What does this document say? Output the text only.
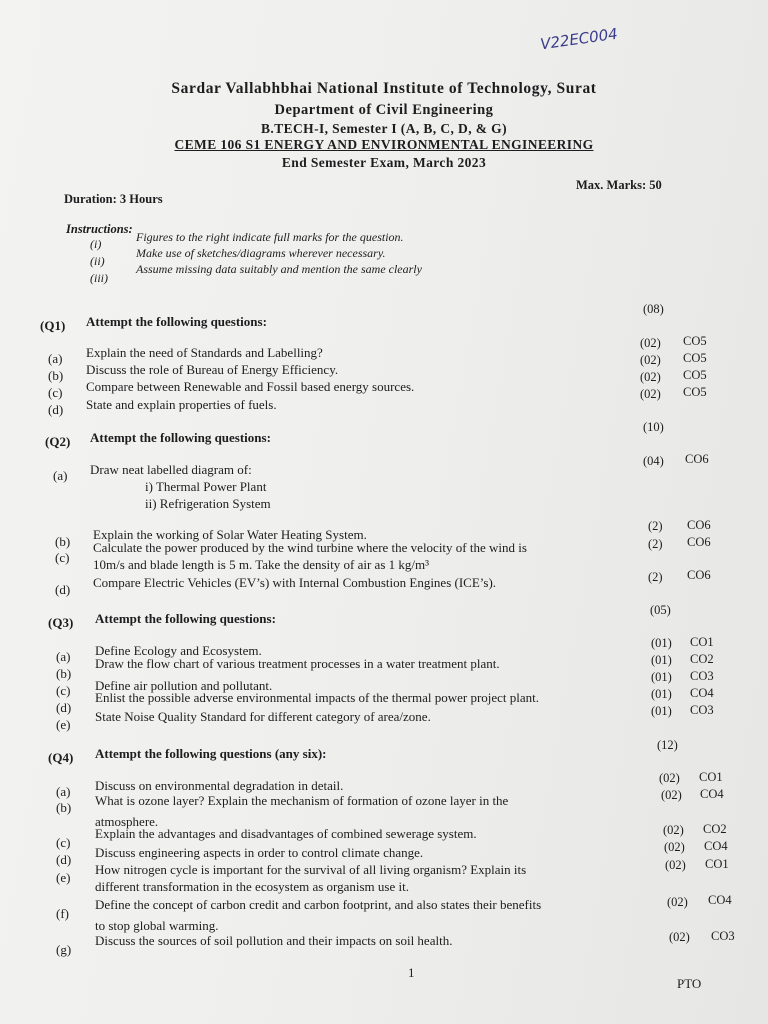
V22EC004
Sardar Vallabhbhai National Institute of Technology, Surat
Department of Civil Engineering
B.TECH-I, Semester I (A, B, C, D, & G)
CEME 106 S1 ENERGY AND ENVIRONMENTAL ENGINEERING
End Semester Exam, March 2023
Duration: 3 Hours
Max. Marks: 50
Instructions:
(i)	Figures to the right indicate full marks for the question.
(ii)
Make use of sketches/diagrams wherever necessary.
(iii)
Assume missing data suitably and mention the same clearly
(Q1) Attempt the following questions:
(08)
(a) Explain the need of Standards and Labelling?
(02) CO5
(b) Discuss the role of Bureau of Energy Efficiency.
(02) CO5
(c) Compare between Renewable and Fossil based energy sources.
(02) CO5
(d) State and explain properties of fuels.
(02) CO5
(Q2) Attempt the following questions:
(10)
(a) Draw neat labelled diagram of:
i) Thermal Power Plant
ii) Refrigeration System
(04) CO6
(b) Explain the working of Solar Water Heating System.
(2) CO6
(c)
Calculate the power produced by the wind turbine where the velocity of the wind is
10m/s and blade length is 5 m. Take the density of air as 1 kg/m³
(2) CO6
(d) Compare Electric Vehicles (EV’s) with Internal Combustion Engines (ICE’s).	(2) CO6
(Q3) Attempt the following questions:
(05)
(a) Define Ecology and Ecosystem.	(01) CO1
(b)
Draw the flow chart of various treatment processes in a water treatment plant.	(01) CO2
(c) Define air pollution and pollutant.
(01) CO3
(d)
Enlist the possible adverse environmental impacts of the thermal power project plant.	(01) CO4
(e)
State Noise Quality Standard for different category of area/zone.	(01) CO3
(Q4) Attempt the following questions (any six):
(12)
(a) Discuss on environmental degradation in detail.	(02) CO1
(b) What is ozone layer? Explain the mechanism of formation of ozone layer in the
atmosphere.
(02) CO4
(c)
Explain the advantages and disadvantages of combined sewerage system.	(02) CO2
(d) Discuss engineering aspects in order to control climate change.	(02) CO4
(e)
How nitrogen cycle is important for the survival of all living organism? Explain its
different transformation in the ecosystem as organism use it.
(02) CO1
(f)
Define the concept of carbon credit and carbon footprint, and also states their benefits
to stop global warming.
(02) CO4
(g)
Discuss the sources of soil pollution and their impacts on soil health.	(02) CO3
1
PTO
